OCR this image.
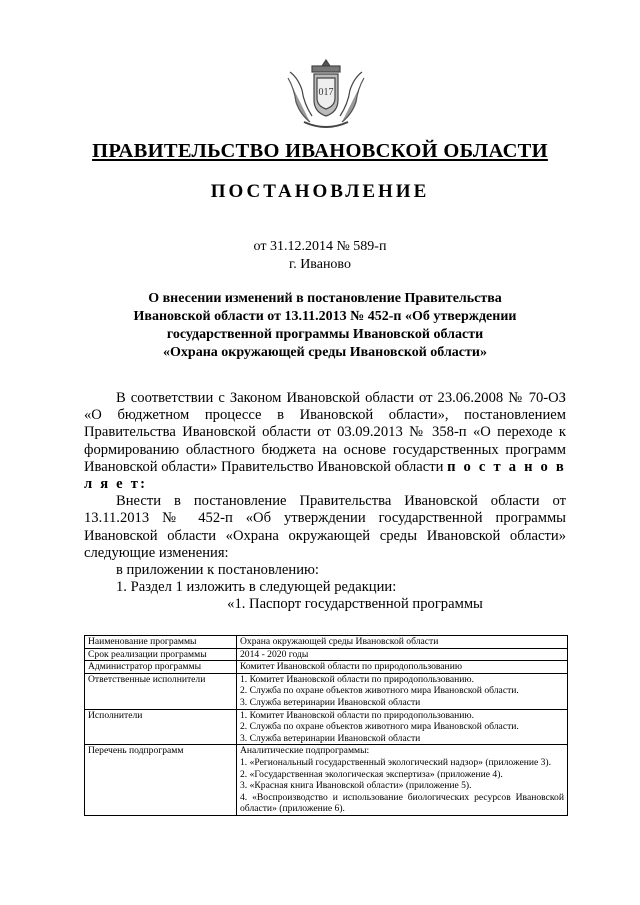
017
ПРАВИТЕЛЬСТВО ИВАНОВСКОЙ ОБЛАСТИ
ПОСТАНОВЛЕНИЕ
от 31.12.2014 № 589-п
г. Иваново
О внесении изменений в постановление Правительства
Ивановской области от 13.11.2013 № 452-п «Об утверждении
государственной программы Ивановской области
«Охрана окружающей среды Ивановской области»

В соответствии с Законом Ивановской области от 23.06.2008 № 70-ОЗ «О бюджетном процессе в Ивановской области», постановлением Правительства Ивановской области от 03.09.2013 № 358-п «О переходе к формированию областного бюджета на основе государственных программ Ивановской области» Правительство Ивановской области п о с т а н о в л я е т:

Внести в постановление Правительства Ивановской области от 13.11.2013 № 452-п «Об утверждении государственной программы Ивановской области «Охрана окружающей среды Ивановской области» следующие изменения:

в приложении к постановлению:

1. Раздел 1 изложить в следующей редакции:

«1. Паспорт государственной программы

Наименование программы	Охрана окружающей среды Ивановской области
Срок реализации программы	2014 - 2020 годы
Администратор программы	Комитет Ивановской области по природопользованию
Ответственные исполнители	1. Комитет Ивановской области по природопользованию.
2. Служба по охране объектов животного мира Ивановской области.
3. Служба ветеринарии Ивановской области

Исполнители	1. Комитет Ивановской области по природопользованию.
2. Служба по охране объектов животного мира Ивановской области.
3. Служба ветеринарии Ивановской области

Перечень подпрограмм	Аналитические подпрограммы:
1. «Региональный государственный экологический надзор» (приложение 3).
2. «Государственная экологическая экспертиза» (приложение 4).
3. «Красная книга Ивановской области» (приложение 5).
4. «Воспроизводство и использование биологических ресурсов Ивановской области» (приложение 6).
